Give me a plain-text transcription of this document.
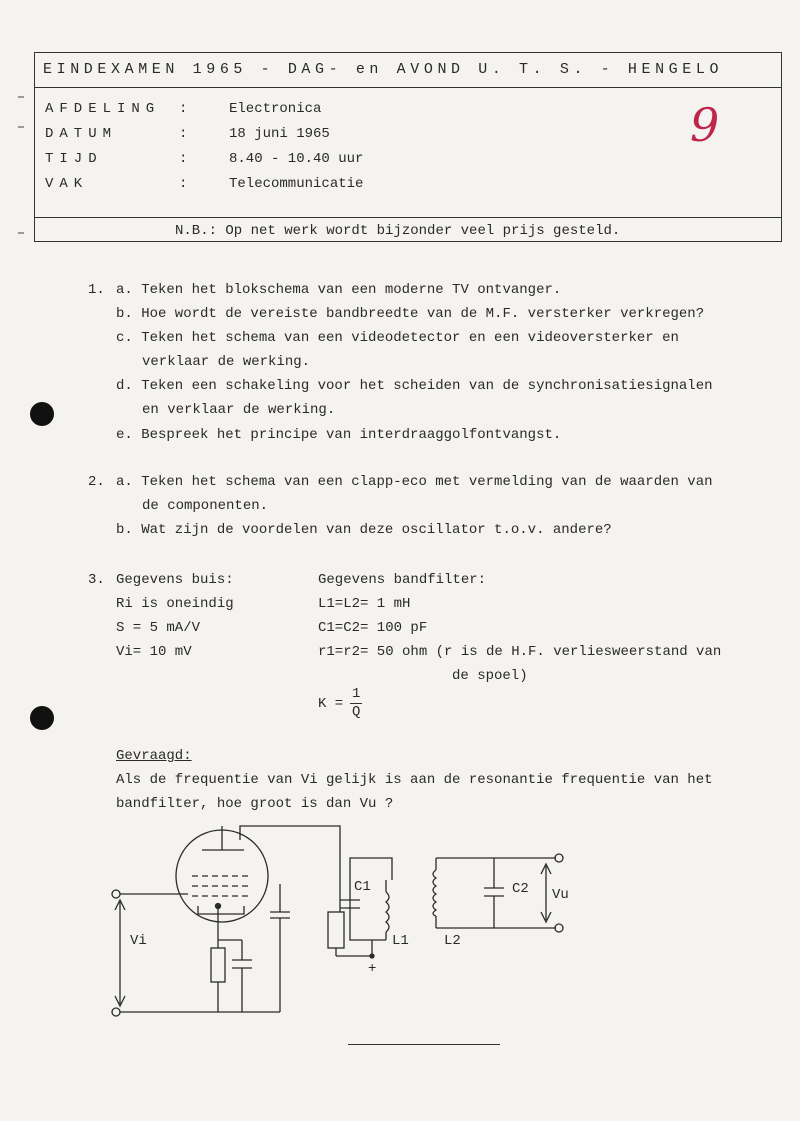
EINDEXAMEN 1965 - DAG- en AVOND U. T. S. - HENGELO
AFDELING :	Electronica
DATUM	:	18 juni 1965
TIJD	:	8.40 - 10.40 uur
VAK	:	Telecommunicatie
N.B.: Op net werk wordt bijzonder veel prijs gesteld.
9
1. a. Teken het blokschema van een moderne TV ontvanger.
b. Hoe wordt de vereiste bandbreedte van de M.F. versterker verkregen?
c. Teken het schema van een videodetector en een videoversterker en
verklaar de werking.
d. Teken een schakeling voor het scheiden van de synchronisatiesignalen
en verklaar de werking.
e. Bespreek het principe van interdraaggolfontvangst.
2. a. Teken het schema van een clapp-eco met vermelding van de waarden van
de componenten.
b. Wat zijn de voordelen van deze oscillator t.o.v. andere?
3. Gegevens buis:
Ri is oneindig
S = 5 mA/V
Vi= 10 mV
Gegevens bandfilter:
L1=L2= 1 mH
C1=C2= 100 pF
r1=r2= 50 ohm (r is de H.F. verliesweerstand van
de spoel)
K =
1
Q
Gevraagd:
Als de frequentie van Vi gelijk is aan de resonantie frequentie van het
bandfilter, hoe groot is dan Vu ?
Vi
C1
L1
+
L2
C2 Vu
